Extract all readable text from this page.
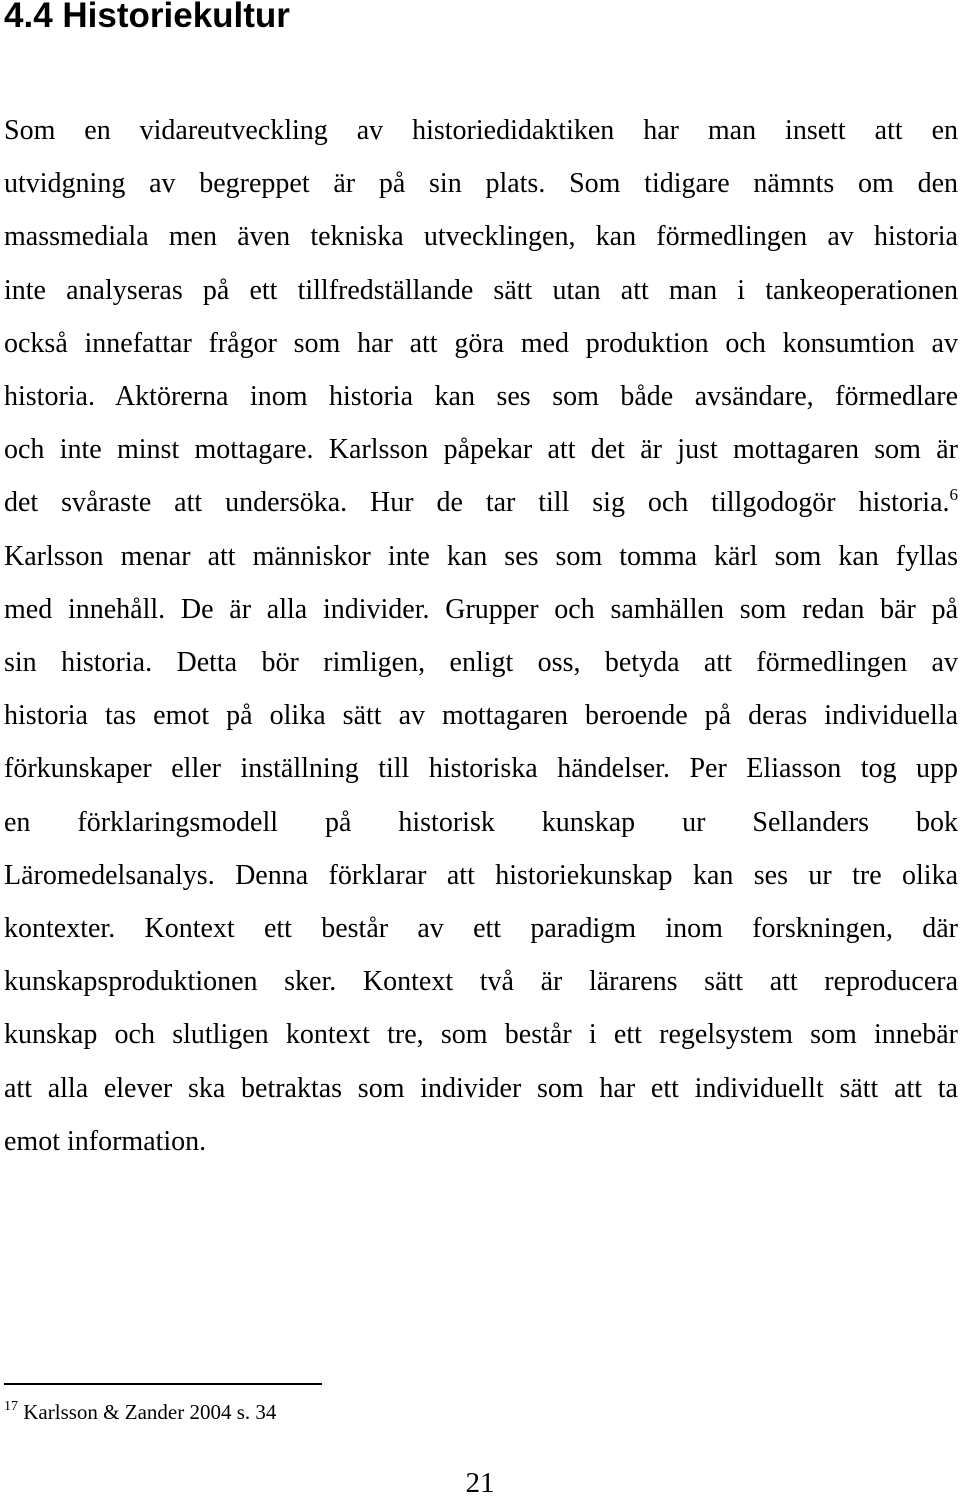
4.4 Historiekultur
Som en vidareutveckling av historiedidaktiken har man insett att en
utvidgning av begreppet är på sin plats. Som tidigare nämnts om den
massmediala men även tekniska utvecklingen, kan förmedlingen av historia
inte analyseras på ett tillfredställande sätt utan att man i tankeoperationen
också innefattar frågor som har att göra med produktion och konsumtion av
historia. Aktörerna inom historia kan ses som både avsändare, förmedlare
och inte minst mottagare. Karlsson påpekar att det är just mottagaren som är
det svåraste att undersöka. Hur de tar till sig och tillgodogör historia.$^6$
Karlsson menar att människor inte kan ses som tomma kärl som kan fyllas
med innehåll. De är alla individer. Grupper och samhällen som redan bär på
sin historia. Detta bör rimligen, enligt oss, betyda att förmedlingen av
historia tas emot på olika sätt av mottagaren beroende på deras individuella
förkunskaper eller inställning till historiska händelser. Per Eliasson tog upp
en förklaringsmodell på historisk kunskap ur Sellanders bok
Läromedelsanalys. Denna förklarar att historiekunskap kan ses ur tre olika
kontexter. Kontext ett består av ett paradigm inom forskningen, där
kunskapsproduktionen sker. Kontext två är lärarens sätt att reproducera
kunskap och slutligen kontext tre, som består i ett regelsystem som innebär
att alla elever ska betraktas som individer som har ett individuellt sätt att ta
emot information.

$^{17}$ Karlsson & Zander 2004 s. 34

21
